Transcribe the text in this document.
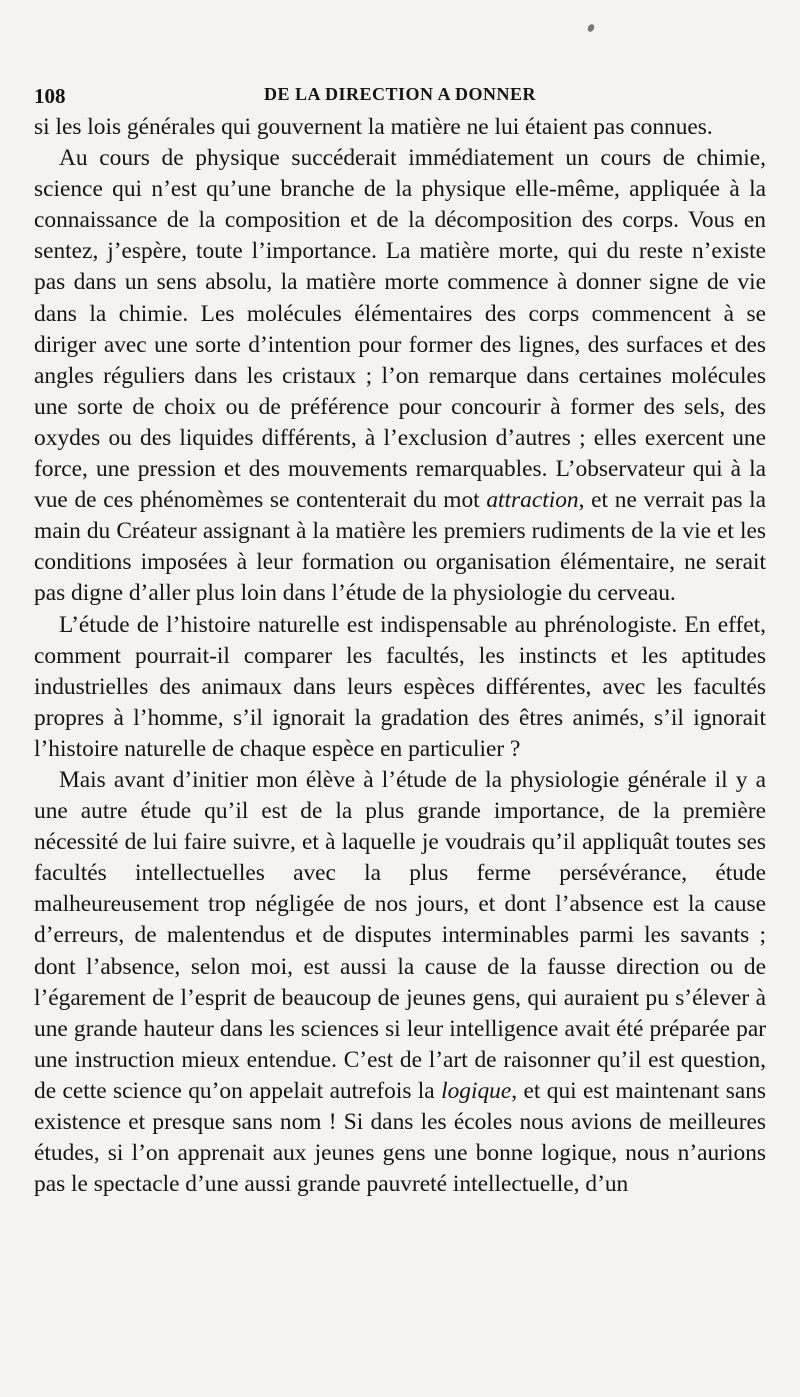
108	DE LA DIRECTION A DONNER

si les lois générales qui gouvernent la matière ne lui étaient pas connues.

Au cours de physique succéderait immédiatement un cours de chimie, science qui n’est qu’une branche de la physique elle-même, appliquée à la connaissance de la composition et de la décomposition des corps. Vous en sentez, j’espère, toute l’importance. La matière morte, qui du reste n’existe pas dans un sens absolu, la matière morte commence à donner signe de vie dans la chimie. Les molécules élémentaires des corps commencent à se diriger avec une sorte d’intention pour former des lignes, des surfaces et des angles réguliers dans les cristaux ; l’on remarque dans certaines molécules une sorte de choix ou de préférence pour concourir à former des sels, des oxydes ou des liquides différents, à l’exclusion d’autres ; elles exercent une force, une pression et des mouvements remarquables. L’observateur qui à la vue de ces phénomèmes se contenterait du mot attraction, et ne verrait pas la main du Créateur assignant à la matière les premiers rudiments de la vie et les conditions imposées à leur formation ou organisation élémentaire, ne serait pas digne d’aller plus loin dans l’étude de la physiologie du cerveau.

L’étude de l’histoire naturelle est indispensable au phrénologiste. En effet, comment pourrait-il comparer les facultés, les instincts et les aptitudes industrielles des animaux dans leurs espèces différentes, avec les facultés propres à l’homme, s’il ignorait la gradation des êtres animés, s’il ignorait l’histoire naturelle de chaque espèce en particulier ?

Mais avant d’initier mon élève à l’étude de la physiologie générale il y a une autre étude qu’il est de la plus grande importance, de la première nécessité de lui faire suivre, et à laquelle je voudrais qu’il appliquât toutes ses facultés intellectuelles avec la plus ferme persévérance, étude malheureusement trop négligée de nos jours, et dont l’absence est la cause d’erreurs, de malentendus et de disputes interminables parmi les savants ; dont l’absence, selon moi, est aussi la cause de la fausse direction ou de l’égarement de l’esprit de beaucoup de jeunes gens, qui auraient pu s’élever à une grande hauteur dans les sciences si leur intelligence avait été préparée par une instruction mieux entendue. C’est de l’art de raisonner qu’il est question, de cette science qu’on appelait autrefois la logique, et qui est maintenant sans existence et presque sans nom ! Si dans les écoles nous avions de meilleures études, si l’on apprenait aux jeunes gens une bonne logique, nous n’aurions pas le spectacle d’une aussi grande pauvreté intellectuelle, d’un
